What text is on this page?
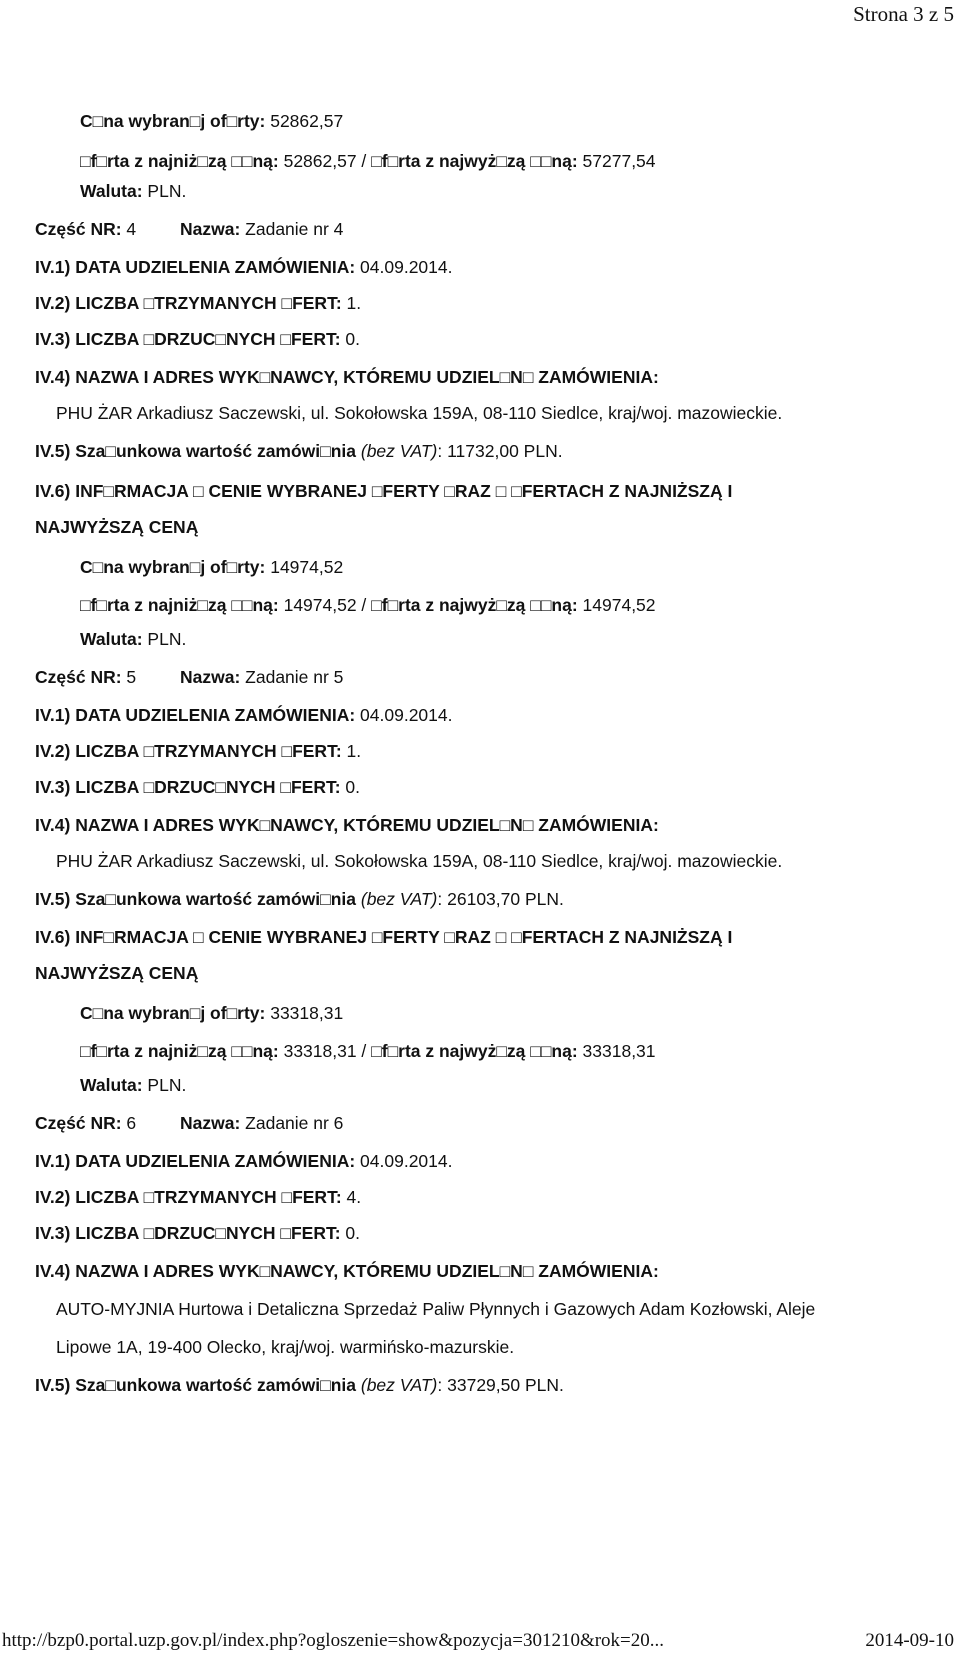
Strona 3 z 5
C□na wybran□j of□rty: 52862,57
□f□rta z najniż□zą □□ną: 52862,57 / □f□rta z najwyż□zą □□ną: 57277,54
Waluta: PLN.
Część NR: 4	Nazwa: Zadanie nr 4
IV.1) DATA UDZIELENIA ZAMÓWIENIA: 04.09.2014.
IV.2) LICZBA □TRZYMANYCH □FERT: 1.
IV.3) LICZBA □DRZUC□NYCH □FERT: 0.
IV.4) NAZWA I ADRES WYK□NAWCY, KTÓREMU UDZIEL□N□ ZAMÓWIENIA:
PHU ŻAR Arkadiusz Saczewski, ul. Sokołowska 159A, 08-110 Siedlce, kraj/woj. mazowieckie.
IV.5) Sza□unkowa wartość zamówi□nia (bez VAT): 11732,00 PLN.
IV.6) INF□RMACJA □ CENIE WYBRANEJ □FERTY □RAZ □ □FERTACH Z NAJNIŻSZĄ I
NAJWYŻSZĄ CENĄ
C□na wybran□j of□rty: 14974,52
□f□rta z najniż□zą □□ną: 14974,52 / □f□rta z najwyż□zą □□ną: 14974,52
Waluta: PLN.
Część NR: 5	Nazwa: Zadanie nr 5
IV.1) DATA UDZIELENIA ZAMÓWIENIA: 04.09.2014.
IV.2) LICZBA □TRZYMANYCH □FERT: 1.
IV.3) LICZBA □DRZUC□NYCH □FERT: 0.
IV.4) NAZWA I ADRES WYK□NAWCY, KTÓREMU UDZIEL□N□ ZAMÓWIENIA:
PHU ŻAR Arkadiusz Saczewski, ul. Sokołowska 159A, 08-110 Siedlce, kraj/woj. mazowieckie.
IV.5) Sza□unkowa wartość zamówi□nia (bez VAT): 26103,70 PLN.
IV.6) INF□RMACJA □ CENIE WYBRANEJ □FERTY □RAZ □ □FERTACH Z NAJNIŻSZĄ I
NAJWYŻSZĄ CENĄ
C□na wybran□j of□rty: 33318,31
□f□rta z najniż□zą □□ną: 33318,31 / □f□rta z najwyż□zą □□ną: 33318,31
Waluta: PLN.
Część NR: 6	Nazwa: Zadanie nr 6
IV.1) DATA UDZIELENIA ZAMÓWIENIA: 04.09.2014.
IV.2) LICZBA □TRZYMANYCH □FERT: 4.
IV.3) LICZBA □DRZUC□NYCH □FERT: 0.
IV.4) NAZWA I ADRES WYK□NAWCY, KTÓREMU UDZIEL□N□ ZAMÓWIENIA:
AUTO-MYJNIA Hurtowa i Detaliczna Sprzedaż Paliw Płynnych i Gazowych Adam Kozłowski, Aleje
Lipowe 1A, 19-400 Olecko, kraj/woj. warmińsko-mazurskie.
IV.5) Sza□unkowa wartość zamówi□nia (bez VAT): 33729,50 PLN.
http://bzp0.portal.uzp.gov.pl/index.php?ogloszenie=show&pozycja=301210&rok=20...	2014-09-10
